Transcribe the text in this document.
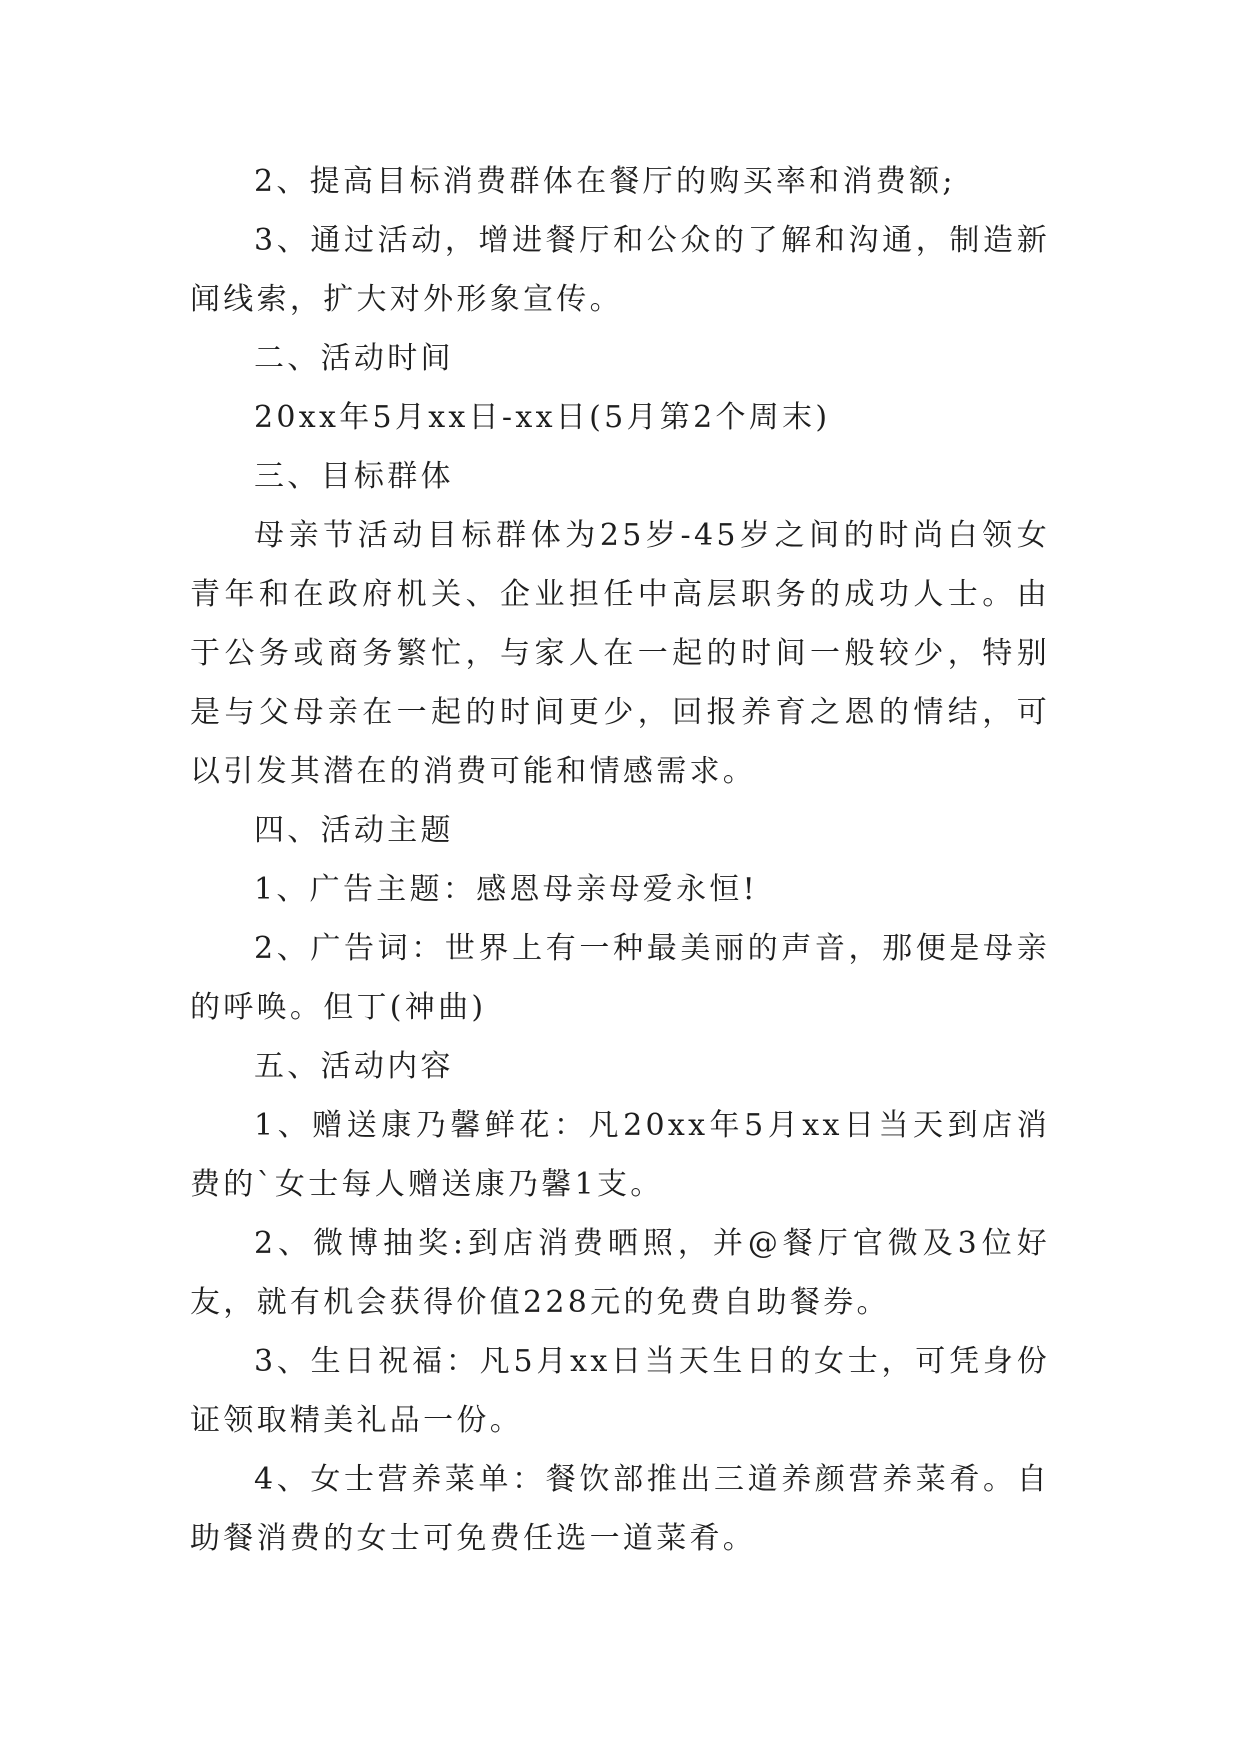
2、提高目标消费群体在餐厅的购买率和消费额;

3、通过活动，增进餐厅和公众的了解和沟通，制造新闻线索，扩大对外形象宣传。

二、活动时间

20xx年5月xx日-xx日(5月第2个周末)

三、目标群体

母亲节活动目标群体为25岁-45岁之间的时尚白领女青年和在政府机关、企业担任中高层职务的成功人士。由于公务或商务繁忙，与家人在一起的时间一般较少，特别是与父母亲在一起的时间更少，回报养育之恩的情结，可以引发其潜在的消费可能和情感需求。

四、活动主题

1、广告主题：感恩母亲母爱永恒!

2、广告词：世界上有一种最美丽的声音，那便是母亲的呼唤。但丁(神曲)

五、活动内容

1、赠送康乃馨鲜花：凡20xx年5月xx日当天到店消费的`女士每人赠送康乃馨1支。

2、微博抽奖:到店消费晒照，并@餐厅官微及3位好友，就有机会获得价值228元的免费自助餐券。

3、生日祝福：凡5月xx日当天生日的女士，可凭身份证领取精美礼品一份。

4、女士营养菜单：餐饮部推出三道养颜营养菜肴。自助餐消费的女士可免费任选一道菜肴。
